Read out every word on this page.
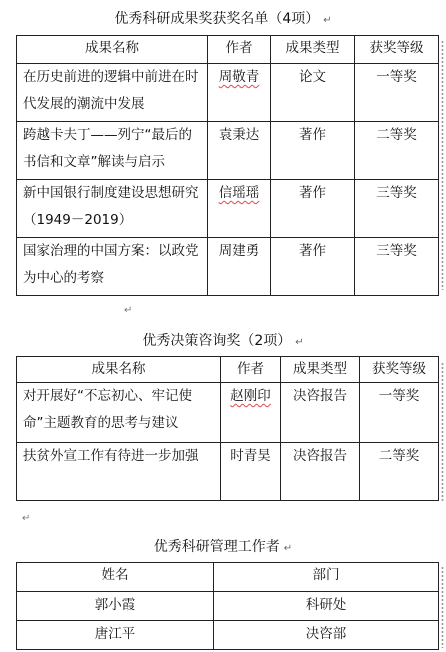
优秀科研成果奖获奖名单（4项） ↵
成果名称	作者	成果类型	获奖等级
在历史前进的逻辑中前进在时代发展的潮流中发展	周敬青	论文	一等奖
跨越卡夫丁——列宁“最后的书信和文章”解读与启示	袁秉达	著作	二等奖
新中国银行制度建设思想研究（1949－2019）	信瑶瑶	著作	三等奖
国家治理的中国方案：以政党为中心的考察	周建勇	著作	三等奖
↵
优秀决策咨询奖（2项） ↵
成果名称	作者	成果类型	获奖等级
对开展好“不忘初心、牢记使命”主题教育的思考与建议	赵刚印	决咨报告	一等奖
扶贫外宣工作有待进一步加强	时青昊	决咨报告	二等奖
↵
优秀科研管理工作者 ↵
姓名	部门
郭小霞	科研处
唐江平	决咨部
